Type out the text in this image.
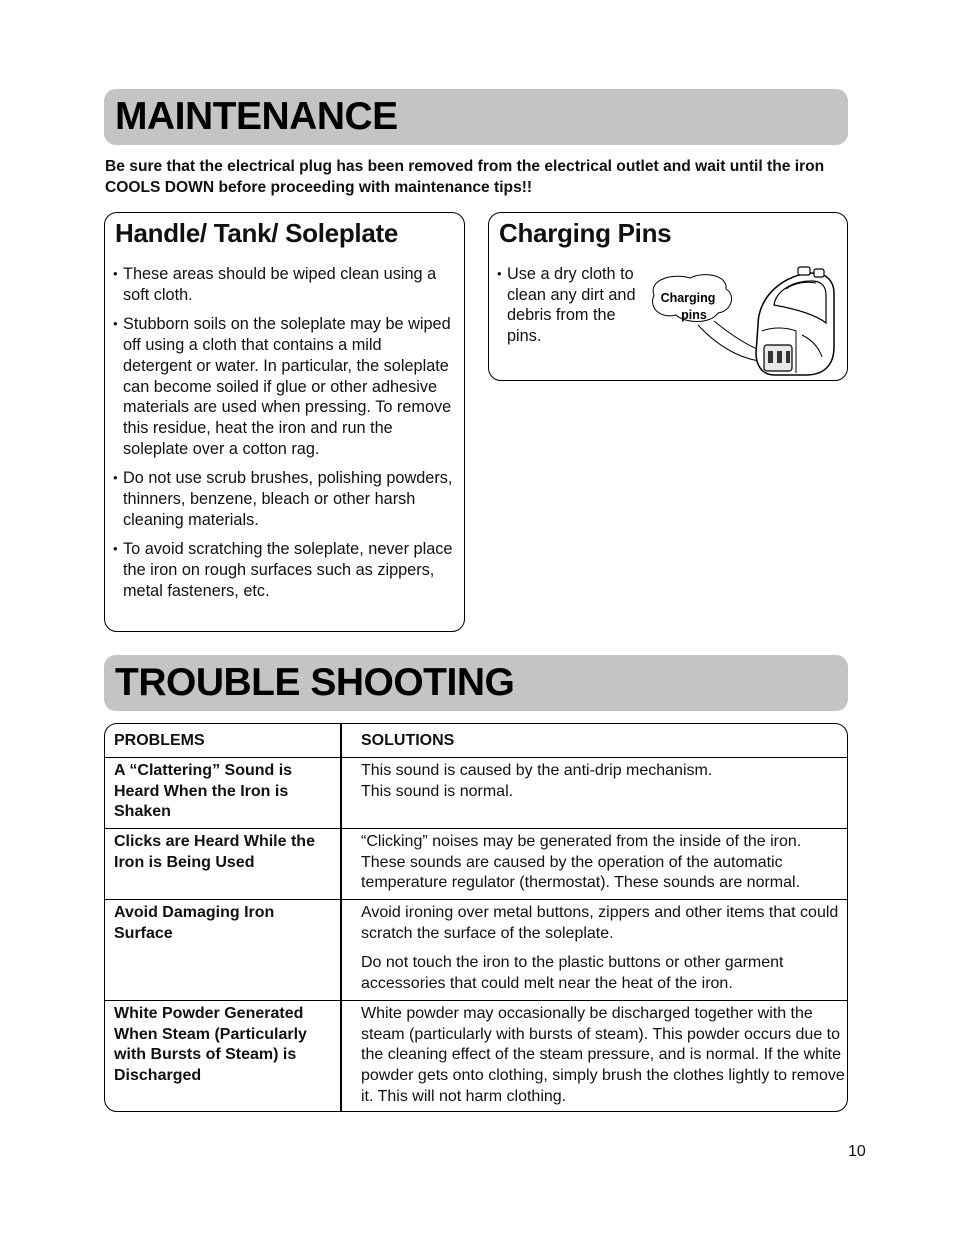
MAINTENANCE
Be sure that the electrical plug has been removed from the electrical outlet and wait until the iron COOLS DOWN before proceeding with maintenance tips!!
Handle/ Tank/ Soleplate
• These areas should be wiped clean using a soft cloth.
• Stubborn soils on the soleplate may be wiped off using a cloth that contains a mild detergent or water. In particular, the soleplate can become soiled if glue or other adhesive materials are used when pressing. To remove this residue, heat the iron and run the soleplate over a cotton rag.
• Do not use scrub brushes, polishing powders, thinners, benzene, bleach or other harsh cleaning materials.
• To avoid scratching the soleplate, never place the iron on rough surfaces such as zippers, metal fasteners, etc.
Charging Pins
• Use a dry cloth to clean any dirt and debris from the pins.
Charging
pins
TROUBLE SHOOTING
PROBLEMS	SOLUTIONS
A “Clattering” Sound is Heard When the Iron is Shaken
This sound is caused by the anti-drip mechanism.
This sound is normal.
Clicks are Heard While the Iron is Being Used
“Clicking” noises may be generated from the inside of the iron. These sounds are caused by the operation of the automatic temperature regulator (thermostat). These sounds are normal.
Avoid Damaging Iron Surface

Avoid ironing over metal buttons, zippers and other items that could scratch the surface of the soleplate.

Do not touch the iron to the plastic buttons or other garment accessories that could melt near the heat of the iron.

White Powder Generated When Steam (Particularly with Bursts of Steam) is Discharged
White powder may occasionally be discharged together with the steam (particularly with bursts of steam). This powder occurs due to the cleaning effect of the steam pressure, and is normal. If the white powder gets onto clothing, simply brush the clothes lightly to remove it. This will not harm clothing.
10
